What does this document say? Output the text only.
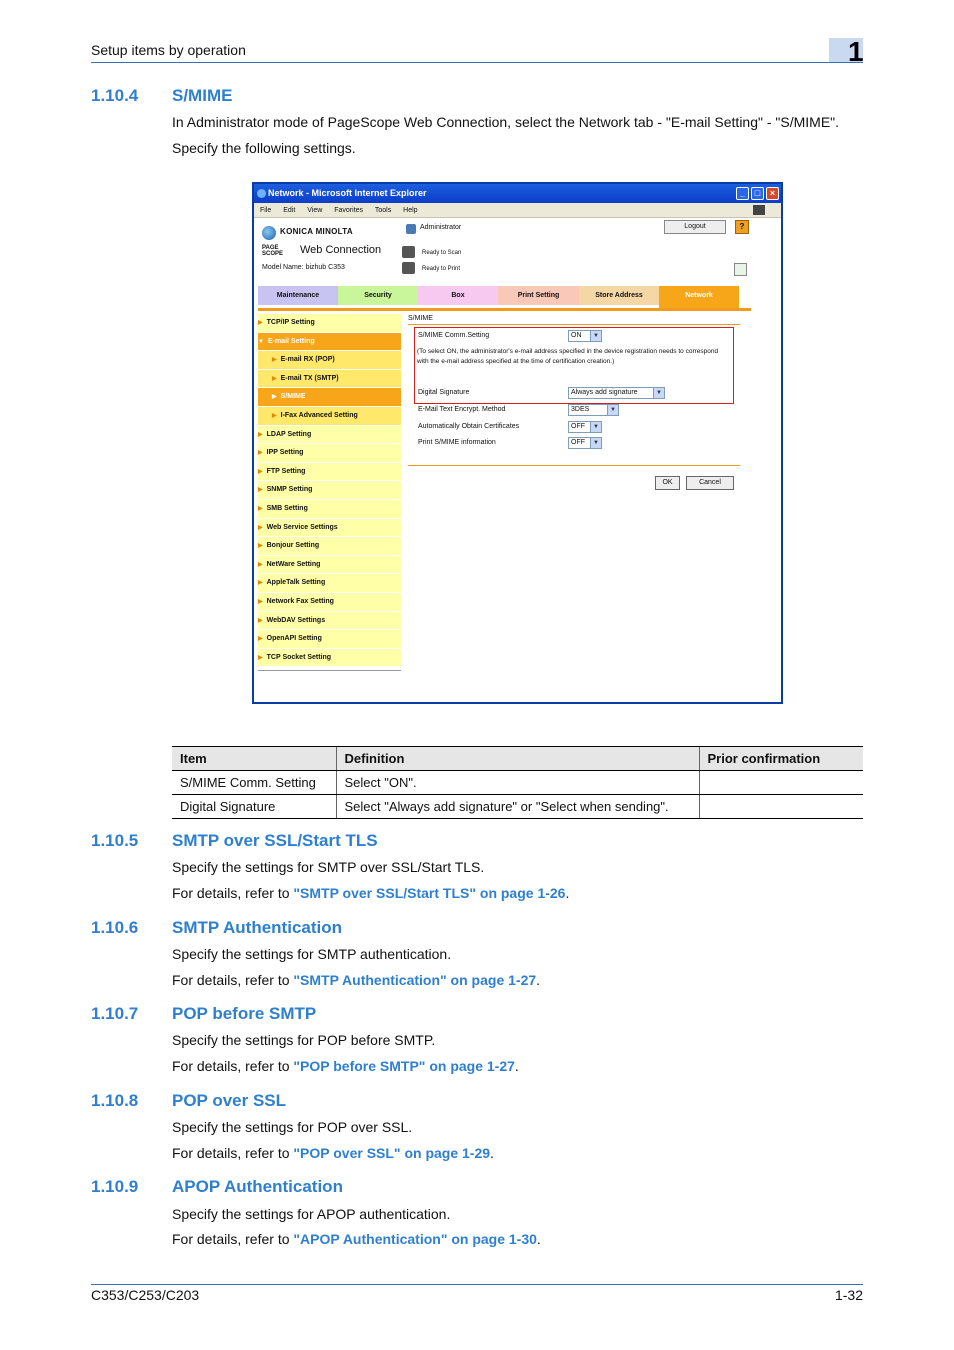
Setup items by operation	1
1.10.4 S/MIME
In Administrator mode of PageScope Web Connection, select the Network tab - "E-mail Setting" - "S/MIME".
Specify the following settings.
Network - Microsoft Internet Explorer	_	□	×
File Edit View Favorites Tools Help
KONICA MINOLTA
PAGE SCOPE Web Connection
Model Name: bizhub C353
Administrator
Ready to Scan
Ready to Print
Logout	?
Maintenance	Security	Box	Print Setting	Store Address	Network
▶ TCP/IP Setting
▼ E-mail Setting
▶ E-mail RX (POP)
▶ E-mail TX (SMTP)
▶ S/MIME
▶ I-Fax Advanced Setting
▶ LDAP Setting
▶ IPP Setting
▶ FTP Setting
▶ SNMP Setting
▶ SMB Setting
▶ Web Service Settings
▶ Bonjour Setting
▶ NetWare Setting
▶ AppleTalk Setting
▶ Network Fax Setting
▶ WebDAV Settings
▶ OpenAPI Setting
▶ TCP Socket Setting
S/MIME
S/MIME Comm.Setting	ON	▼
(To select ON, the administrator's e-mail address specified in the device registration needs to correspond with the e-mail address specified at the time of certification creation.)
Digital Signature	Always add signature	▼
E-Mail Text Encrypt. Method	3DES	▼
Automatically Obtain Certificates	OFF	▼
Print S/MIME information	OFF	▼
OK	Cancel
Item	Definition	Prior confirmation
S/MIME Comm. Setting	Select "ON".	
Digital Signature	Select "Always add signature" or "Select when sending".	
1.10.5 SMTP over SSL/Start TLS
Specify the settings for SMTP over SSL/Start TLS.
For details, refer to "SMTP over SSL/Start TLS" on page 1-26.
1.10.6 SMTP Authentication
Specify the settings for SMTP authentication.
For details, refer to "SMTP Authentication" on page 1-27.
1.10.7 POP before SMTP
Specify the settings for POP before SMTP.
For details, refer to "POP before SMTP" on page 1-27.
1.10.8 POP over SSL
Specify the settings for POP over SSL.
For details, refer to "POP over SSL" on page 1-29.
1.10.9 APOP Authentication
Specify the settings for APOP authentication.
For details, refer to "APOP Authentication" on page 1-30.
C353/C253/C203	1-32
